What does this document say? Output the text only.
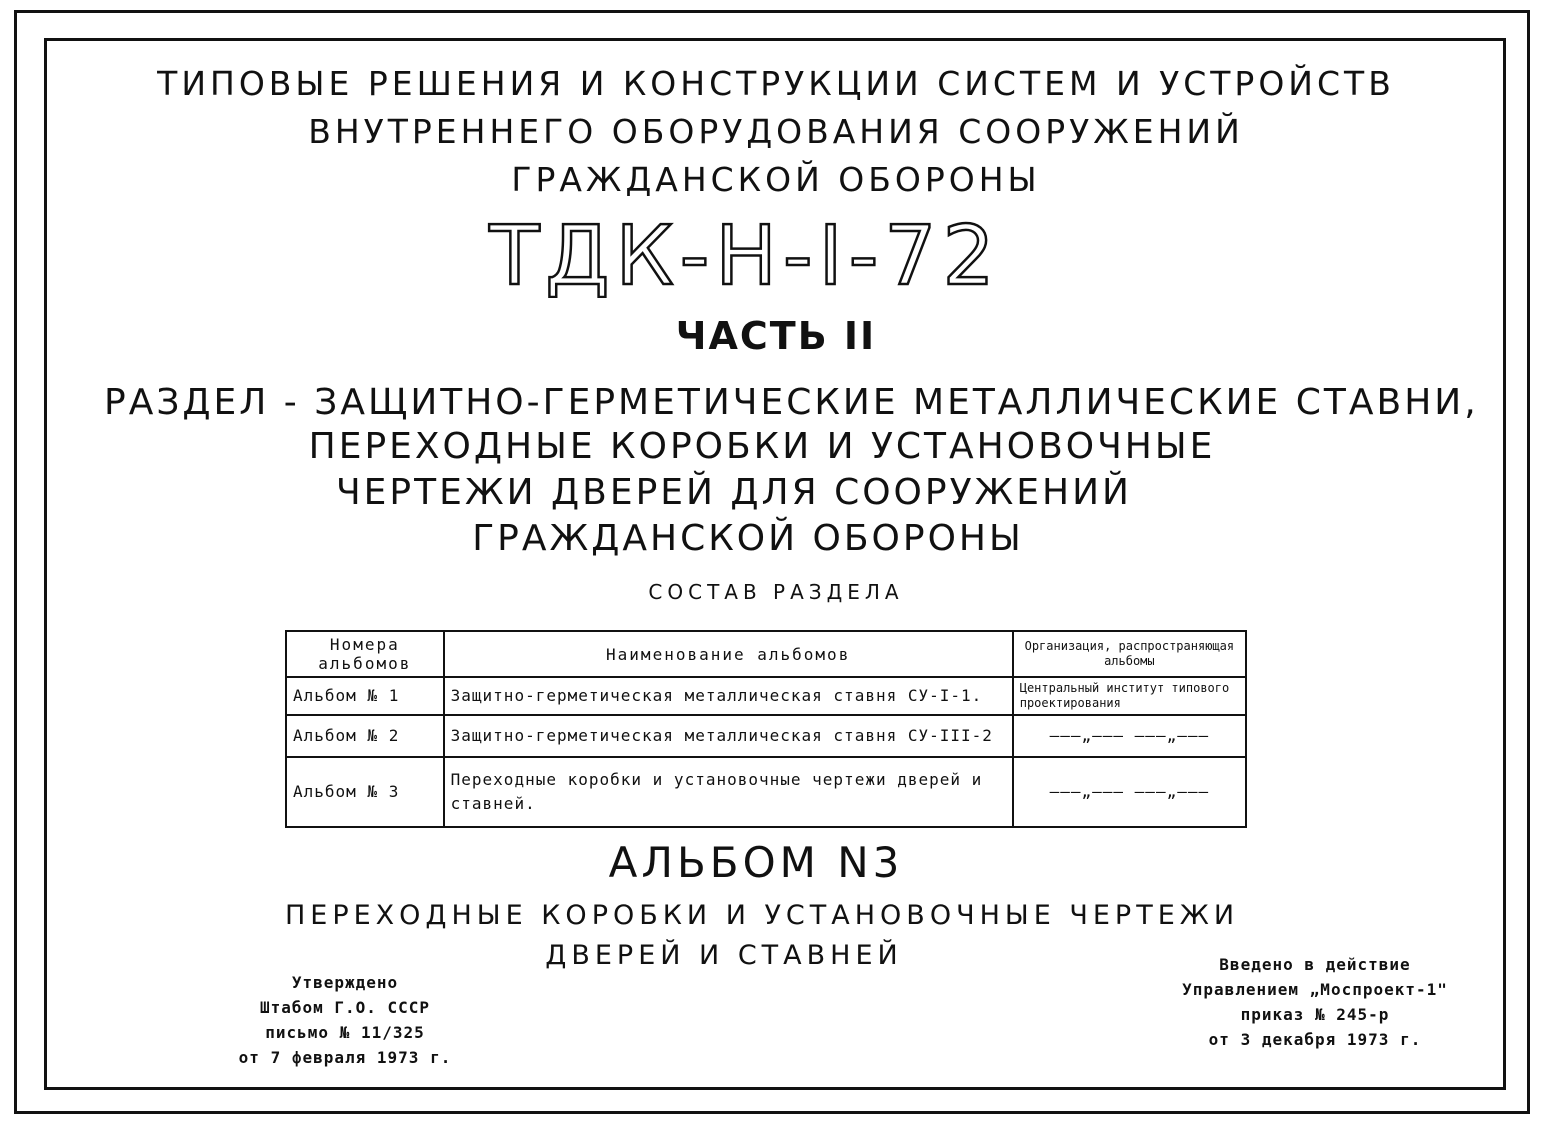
ТИПОВЫЕ РЕШЕНИЯ И КОНСТРУКЦИИ СИСТЕМ И УСТРОЙСТВ
ВНУТРЕННЕГО ОБОРУДОВАНИЯ СООРУЖЕНИЙ
ГРАЖДАНСКОЙ ОБОРОНЫ
ТДК-Н-I-72
ЧАСТЬ II
РАЗДЕЛ - ЗАЩИТНО-ГЕРМЕТИЧЕСКИЕ МЕТАЛЛИЧЕСКИЕ СТАВНИ,
ПЕРЕХОДНЫЕ КОРОБКИ И УСТАНОВОЧНЫЕ
ЧЕРТЕЖИ ДВЕРЕЙ ДЛЯ СООРУЖЕНИЙ
ГРАЖДАНСКОЙ ОБОРОНЫ
СОСТАВ РАЗДЕЛА
Номера альбомов	Наименование альбомов	Организация, распространяющая альбомы
Альбом № 1	Защитно-герметическая металлическая ставня СУ-I-1.	Центральный институт типового проектирования
Альбом № 2	Защитно-герметическая металлическая ставня СУ-III-2	———„——— ———„———
Альбом № 3	Переходные коробки и установочные чертежи дверей и ставней.	———„——— ———„———
АЛЬБОМ N3
ПЕРЕХОДНЫЕ КОРОБКИ И УСТАНОВОЧНЫЕ ЧЕРТЕЖИ
ДВЕРЕЙ И СТАВНЕЙ
Утверждено
Штабом Г.О. СССР
письмо № 11/325
от 7 февраля 1973 г.
Введено в действие
Управлением „Моспроект-1"
приказ № 245-р
от 3 декабря 1973 г.
